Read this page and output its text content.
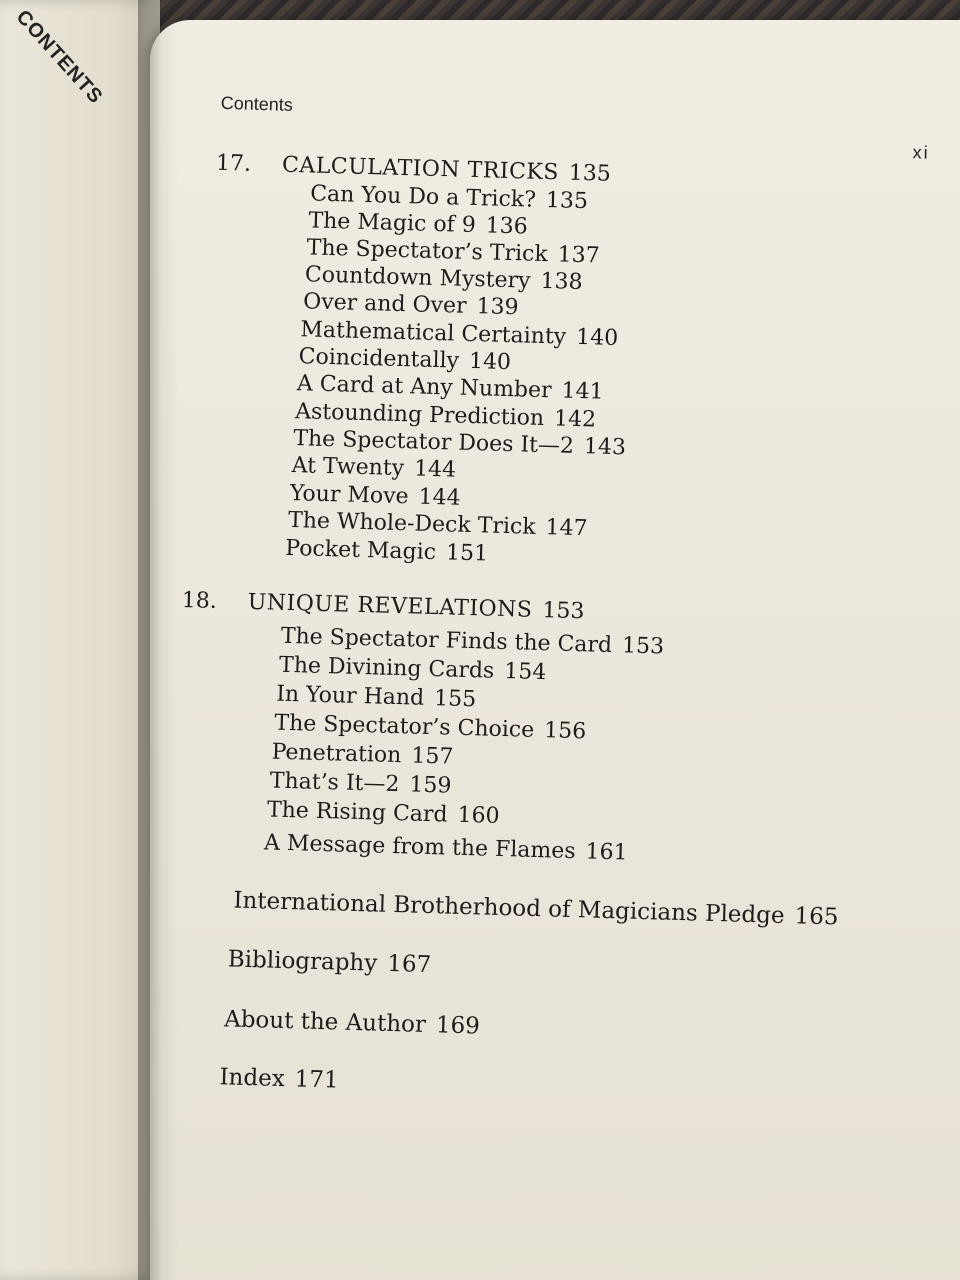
CONTENTS	Contents
xi
17. CALCULATION TRICKS 135
Can You Do a Trick? 135
The Magic of 9 136
The Spectator’s Trick 137
Countdown Mystery 138
Over and Over 139
Mathematical Certainty 140
Coincidentally 140
A Card at Any Number 141
Astounding Prediction 142
The Spectator Does It—2 143
At Twenty 144
Your Move 144
The Whole-Deck Trick 147
Pocket Magic 151
18. UNIQUE REVELATIONS 153
The Spectator Finds the Card 153
The Divining Cards 154
In Your Hand 155
The Spectator’s Choice 156
Penetration 157
That’s It—2 159
The Rising Card 160
A Message from the Flames 161
International Brotherhood of Magicians Pledge 165
Bibliography 167
About the Author 169
Index 171
